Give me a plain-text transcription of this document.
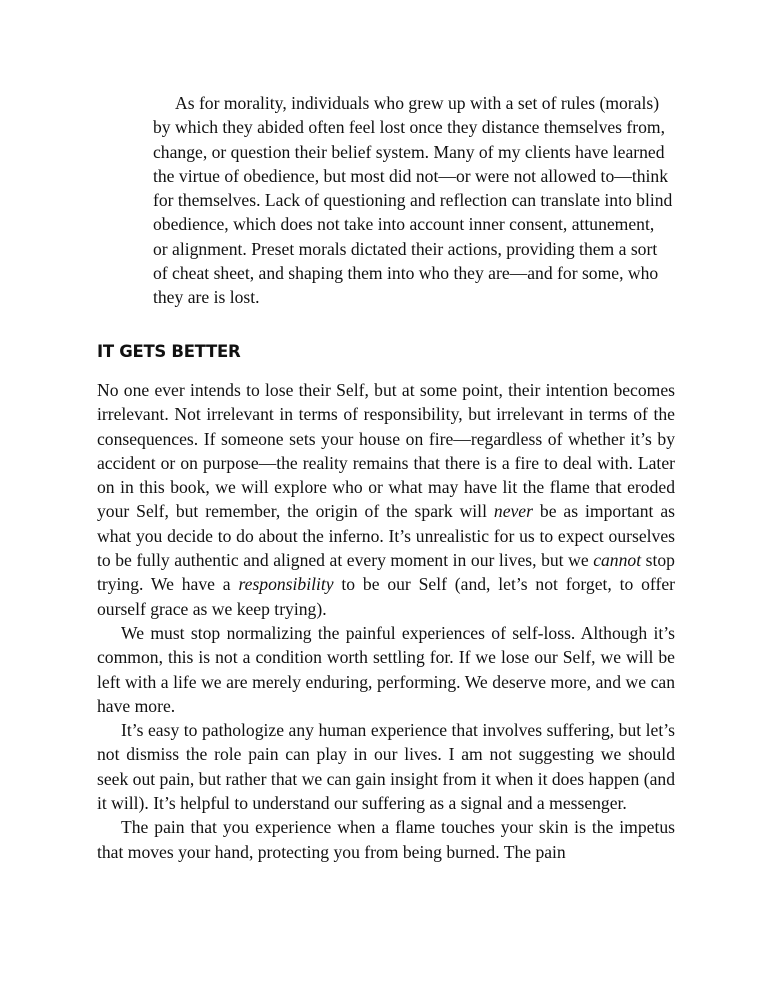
As for morality, individuals who grew up with a set of rules (morals) by which they abided often feel lost once they distance themselves from, change, or question their belief system. Many of my clients have learned the virtue of obedience, but most did not—or were not allowed to—think for themselves. Lack of questioning and reflection can translate into blind obedience, which does not take into account inner consent, attunement, or alignment. Preset morals dictated their actions, providing them a sort of cheat sheet, and shaping them into who they are—and for some, who they are is lost.

IT GETS BETTER

No one ever intends to lose their Self, but at some point, their intention becomes irrelevant. Not irrelevant in terms of responsibility, but irrelevant in terms of the consequences. If someone sets your house on fire—regardless of whether it’s by accident or on purpose—the reality remains that there is a fire to deal with. Later on in this book, we will explore who or what may have lit the flame that eroded your Self, but remember, the origin of the spark will never be as important as what you decide to do about the inferno. It’s unrealistic for us to expect ourselves to be fully authentic and aligned at every moment in our lives, but we cannot stop trying. We have a responsibility to be our Self (and, let’s not forget, to offer ourself grace as we keep trying).

We must stop normalizing the painful experiences of self-loss. Although it’s common, this is not a condition worth settling for. If we lose our Self, we will be left with a life we are merely enduring, performing. We deserve more, and we can have more.

It’s easy to pathologize any human experience that involves suffering, but let’s not dismiss the role pain can play in our lives. I am not suggesting we should seek out pain, but rather that we can gain insight from it when it does happen (and it will). It’s helpful to understand our suffering as a signal and a messenger.

The pain that you experience when a flame touches your skin is the impetus that moves your hand, protecting you from being burned. The pain
